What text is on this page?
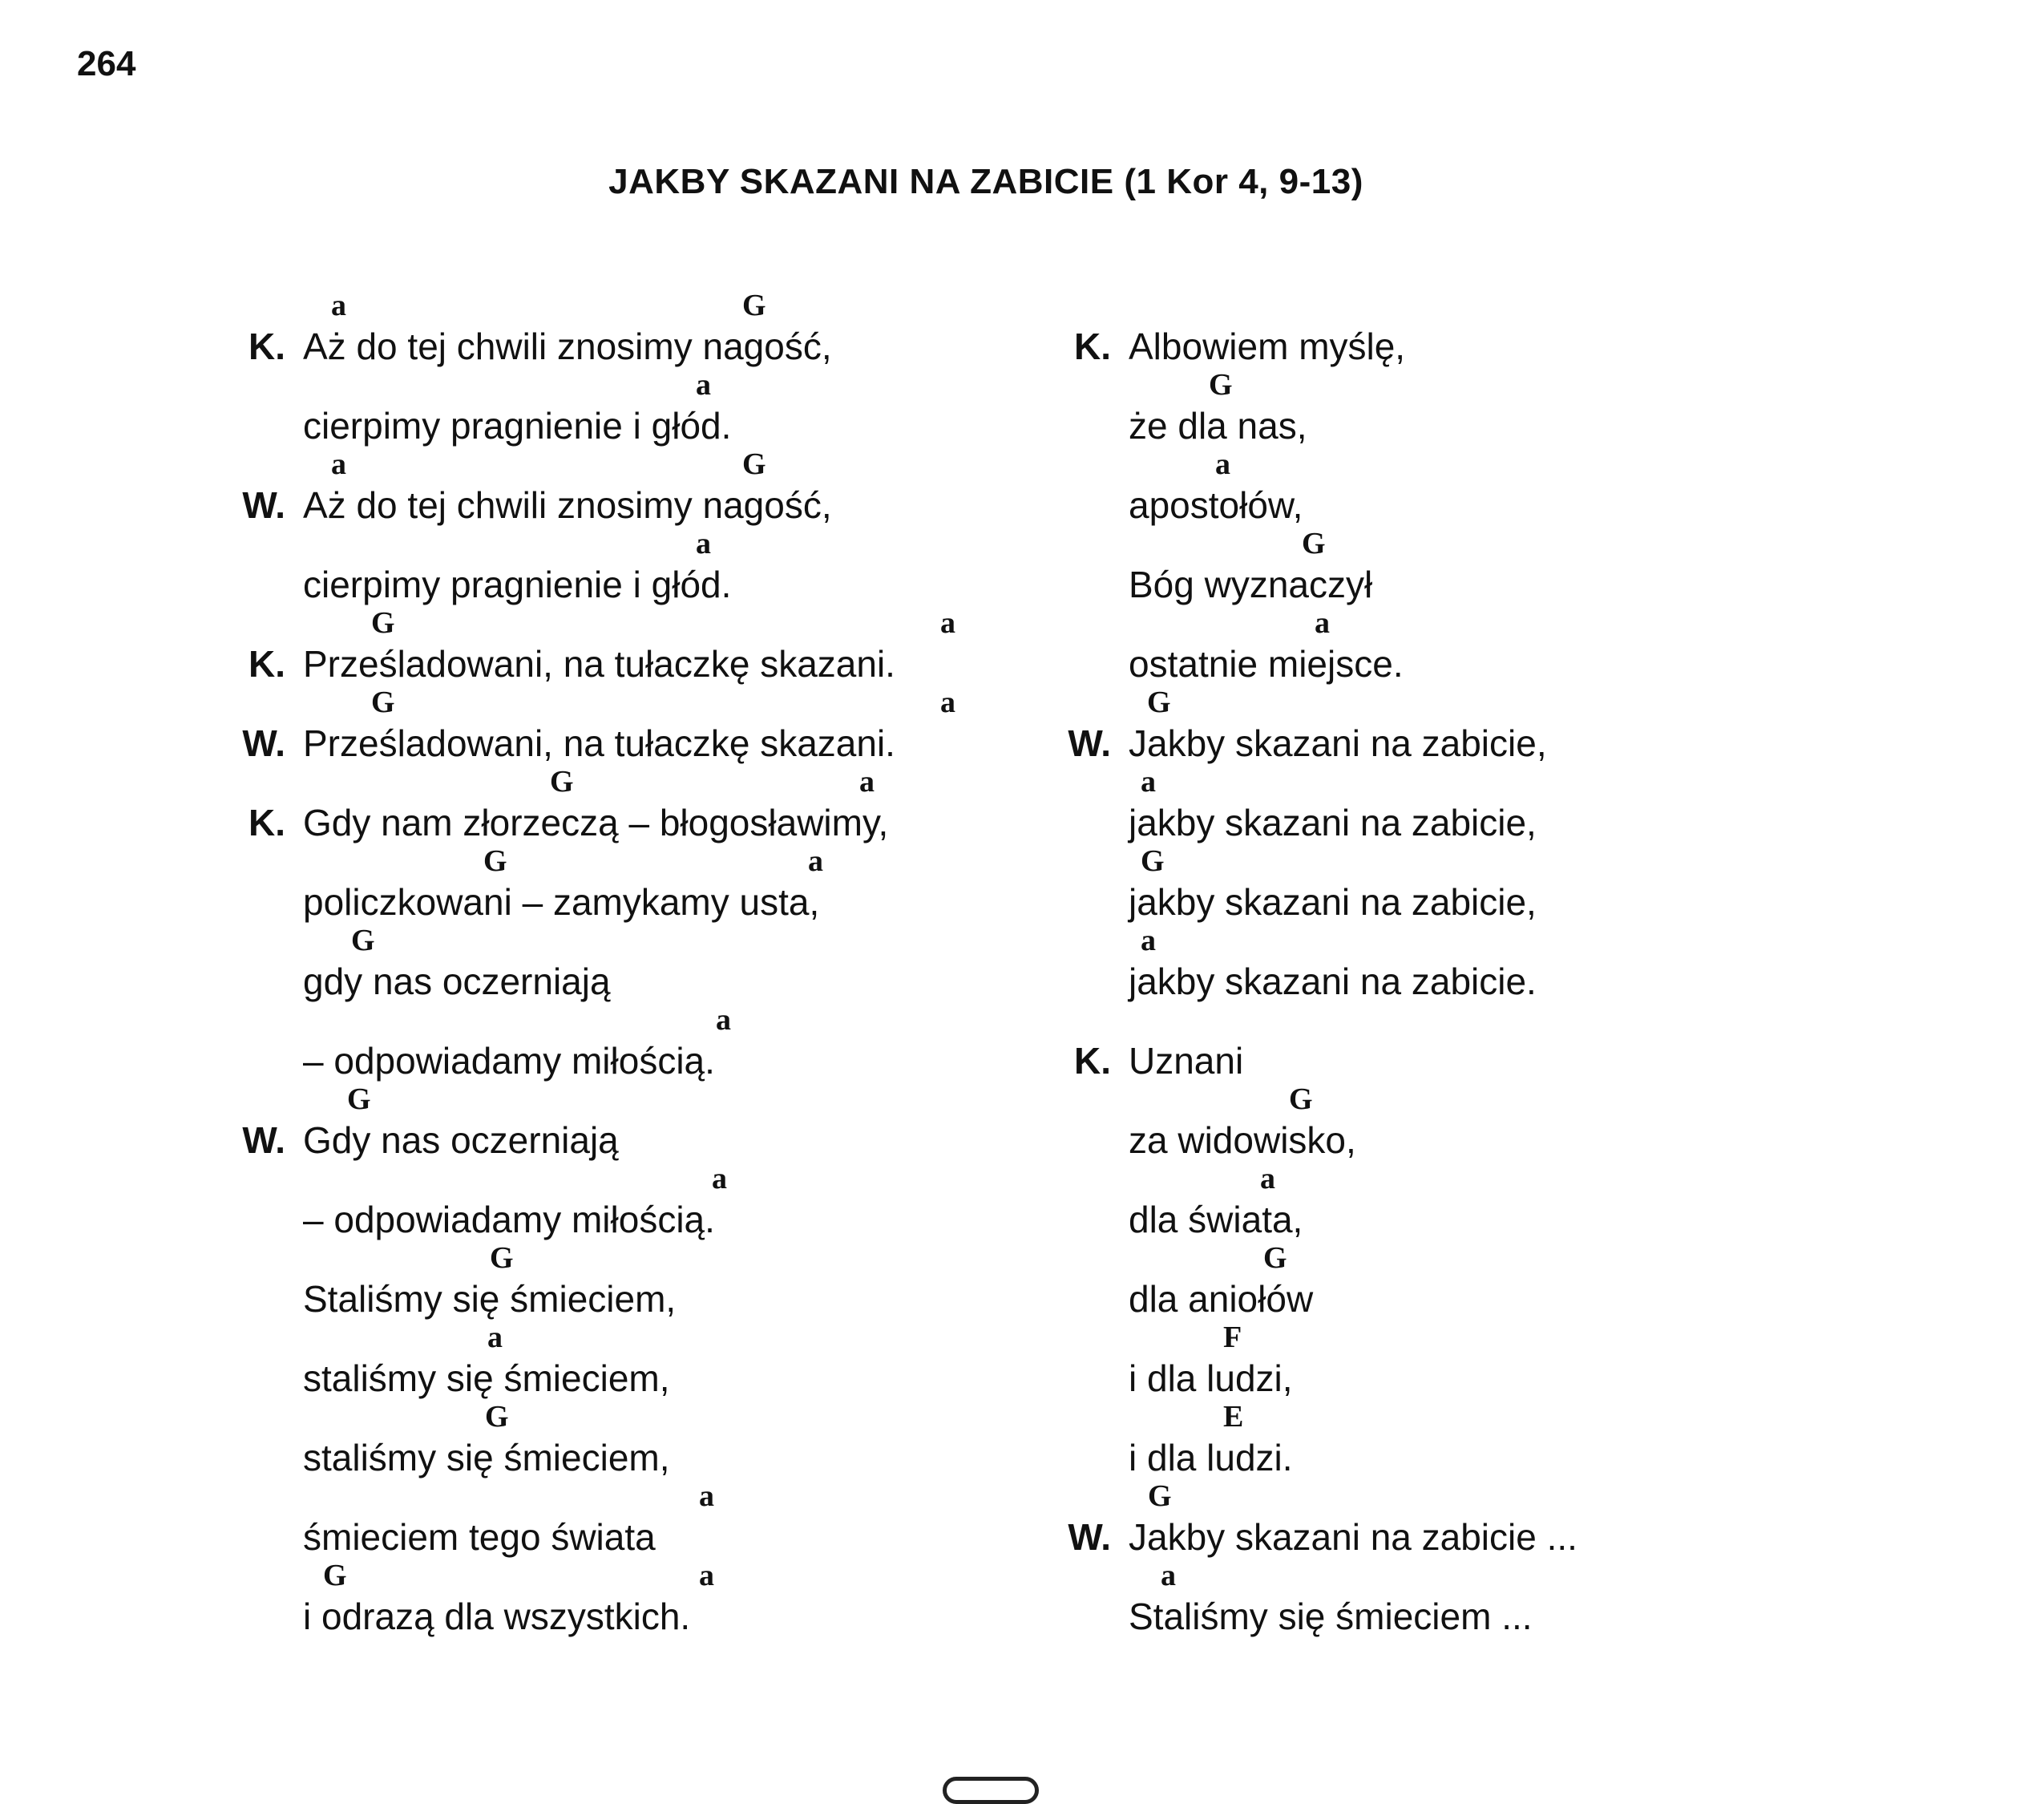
264
JAKBY SKAZANI NA ZABICIE (1 Kor 4, 9-13)
a	G
K. Aż do tej chwili znosimy nagość,
a
cierpimy pragnienie i głód.
a	G
W. Aż do tej chwili znosimy nagość,
a
cierpimy pragnienie i głód.
G	a
K. Prześladowani, na tułaczkę skazani.
G	a
W. Prześladowani, na tułaczkę skazani.
G	a
K. Gdy nam złorzeczą – błogosławimy,
G	a
policzkowani – zamykamy usta,
G
gdy nas oczerniają
a
– odpowiadamy miłością.
G
W. Gdy nas oczerniają
a
– odpowiadamy miłością.
G
Staliśmy się śmieciem,
a
staliśmy się śmieciem,
G
staliśmy się śmieciem,
a
śmieciem tego świata
G	a
i odrazą dla wszystkich.
K. Albowiem myślę,
G
że dla nas,
a
apostołów,
G
Bóg wyznaczył
a
ostatnie miejsce.
G
W. Jakby skazani na zabicie,
a
jakby skazani na zabicie,
G
jakby skazani na zabicie,
a
jakby skazani na zabicie.
K. Uznani
G
za widowisko,
a
dla świata,
G
dla aniołów
F
i dla ludzi,
E
i dla ludzi.
G
W. Jakby skazani na zabicie ...
a
Staliśmy się śmieciem ...
